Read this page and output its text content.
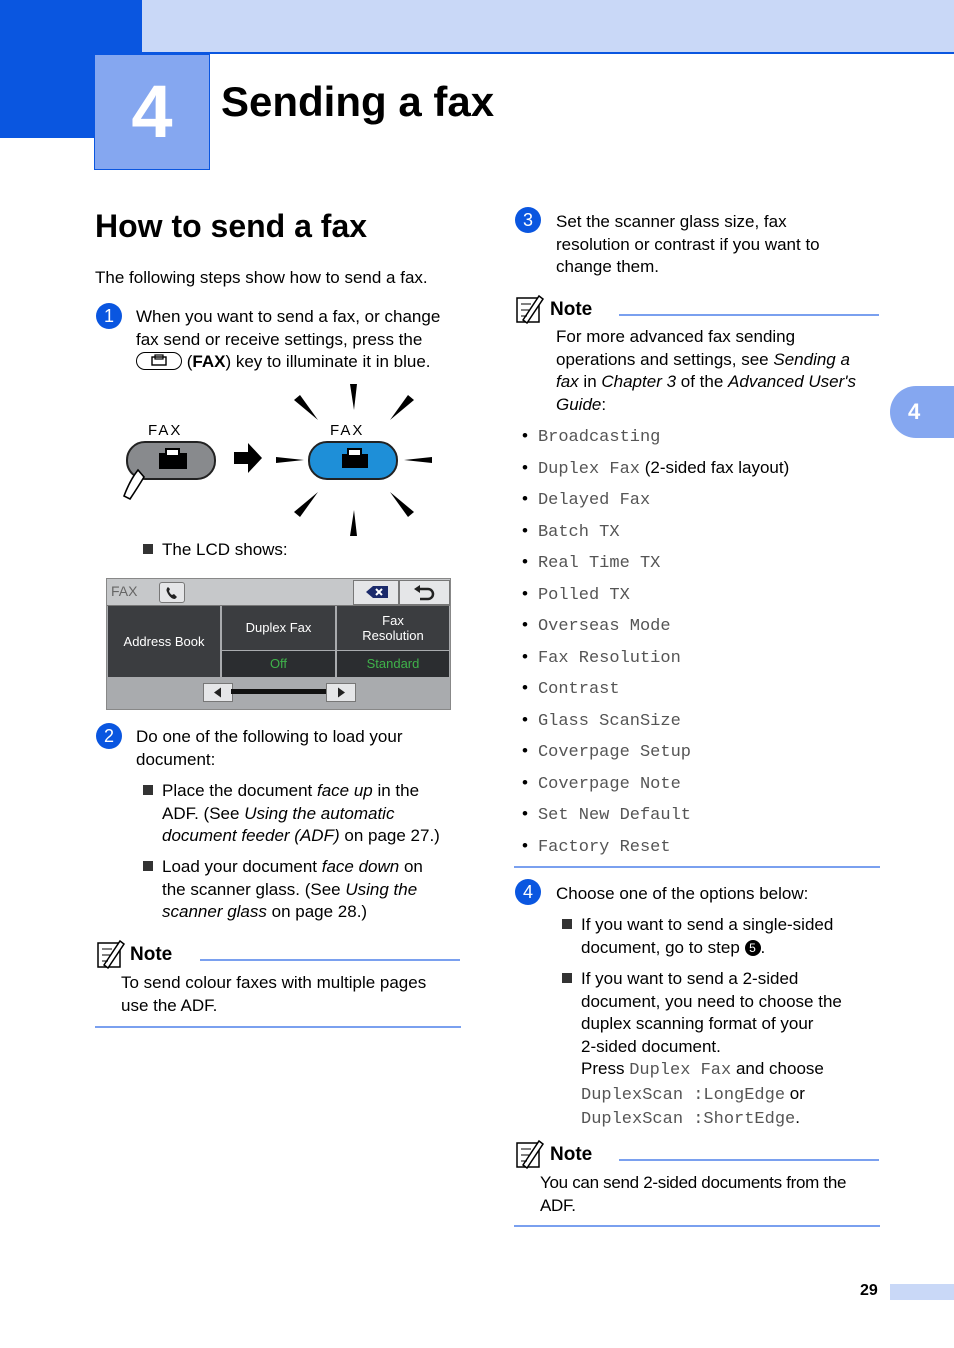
4	Sending a fax
4
How to send a fax
The following steps show how to send a fax.
1	When you want to send a fax, or change
fax send or receive settings, press the
(FAX) key to illuminate it in blue.
FAX	FAX
The LCD shows:
FAX
Address Book
Duplex Fax
Off
Fax
Resolution
Standard
2	Do one of the following to load your
document:
Place the document face up in the
ADF. (See Using the automatic
document feeder (ADF) on page 27.)
Load your document face down on
the scanner glass. (See Using the
scanner glass on page 28.)
Note
To send colour faxes with multiple pages
use the ADF.
3	Set the scanner glass size, fax
resolution or contrast if you want to
change them.
Note
For more advanced fax sending
operations and settings, see Sending a
fax in Chapter 3 of the Advanced User's
Guide:
• Broadcasting
• Duplex Fax (2-sided fax layout)
• Delayed Fax
• Batch TX
• Real Time TX
• Polled TX
• Overseas Mode
• Fax Resolution
• Contrast
• Glass ScanSize
• Coverpage Setup
• Coverpage Note
• Set New Default
• Factory Reset
4	Choose one of the options below:
If you want to send a single-sided
document, go to step 5 .
If you want to send a 2-sided
document, you need to choose the
duplex scanning format of your
2-sided document.
Press Duplex Fax and choose
DuplexScan :LongEdge or
DuplexScan :ShortEdge.
Note
You can send 2-sided documents from the
ADF.
29
